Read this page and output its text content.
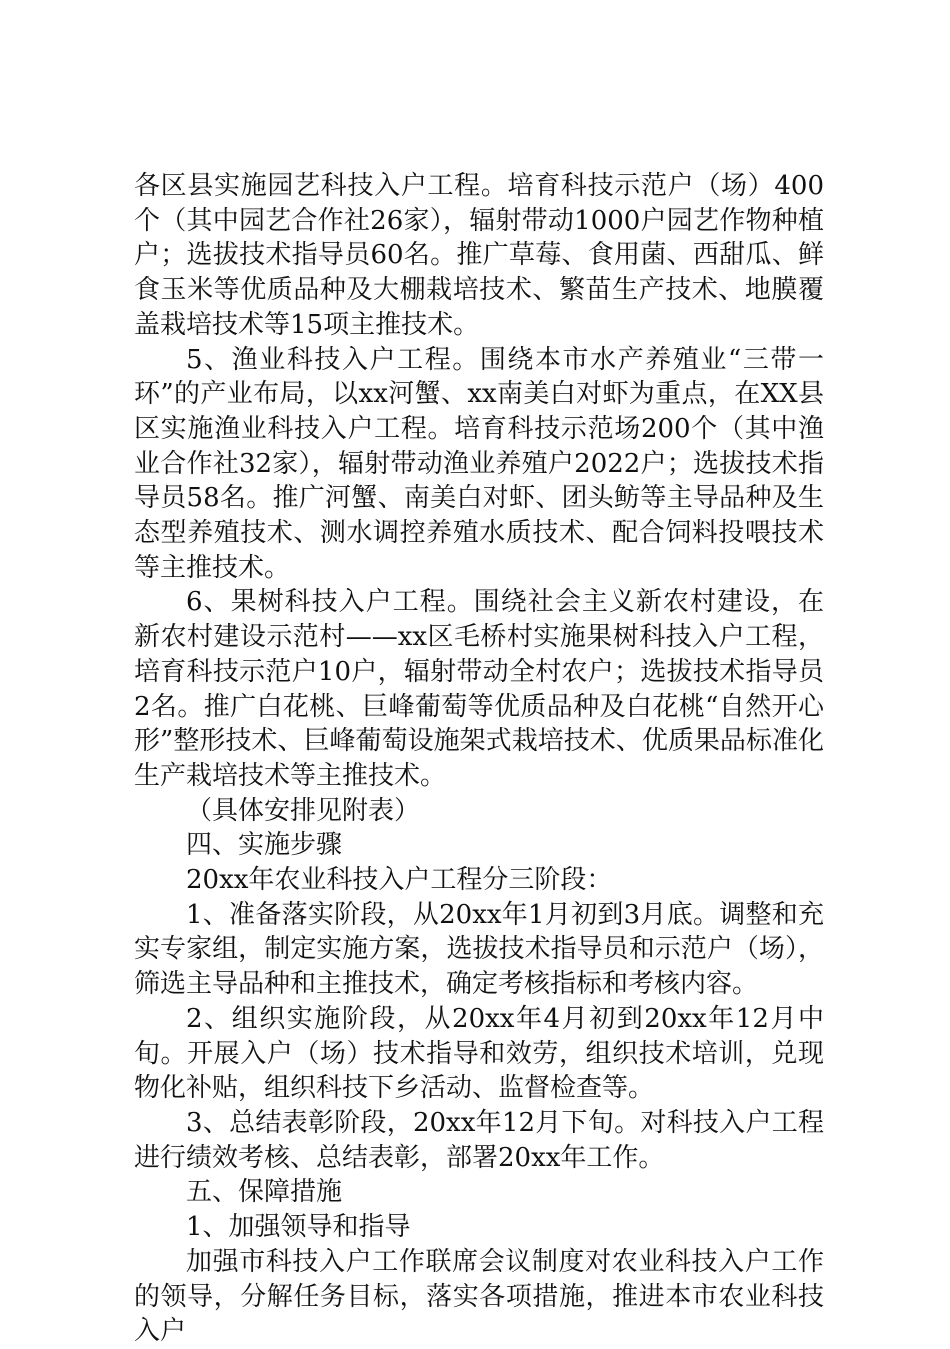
各区县实施园艺科技入户工程。培育科技示范户（场）400个（其中园艺合作社26家），辐射带动1000户园艺作物种植户；选拔技术指导员60名。推广草莓、食用菌、西甜瓜、鲜食玉米等优质品种及大棚栽培技术、繁苗生产技术、地膜覆盖栽培技术等15项主推技术。

5、渔业科技入户工程。围绕本市水产养殖业“三带一环”的产业布局，以xx河蟹、xx南美白对虾为重点，在XX县区实施渔业科技入户工程。培育科技示范场200个（其中渔业合作社32家），辐射带动渔业养殖户2022户；选拔技术指导员58名。推广河蟹、南美白对虾、团头鲂等主导品种及生态型养殖技术、测水调控养殖水质技术、配合饲料投喂技术等主推技术。

6、果树科技入户工程。围绕社会主义新农村建设，在新农村建设示范村——xx区毛桥村实施果树科技入户工程，培育科技示范户10户，辐射带动全村农户；选拔技术指导员2名。推广白花桃、巨峰葡萄等优质品种及白花桃“自然开心形”整形技术、巨峰葡萄设施架式栽培技术、优质果品标准化生产栽培技术等主推技术。

（具体安排见附表）

四、实施步骤

20xx年农业科技入户工程分三阶段：

1、准备落实阶段，从20xx年1月初到3月底。调整和充实专家组，制定实施方案，选拔技术指导员和示范户（场），筛选主导品种和主推技术，确定考核指标和考核内容。

2、组织实施阶段，从20xx年4月初到20xx年12月中旬。开展入户（场）技术指导和效劳，组织技术培训，兑现物化补贴，组织科技下乡活动、监督检查等。

3、总结表彰阶段，20xx年12月下旬。对科技入户工程进行绩效考核、总结表彰，部署20xx年工作。

五、保障措施

1、加强领导和指导

加强市科技入户工作联席会议制度对农业科技入户工作的领导，分解任务目标，落实各项措施，推进本市农业科技入户
